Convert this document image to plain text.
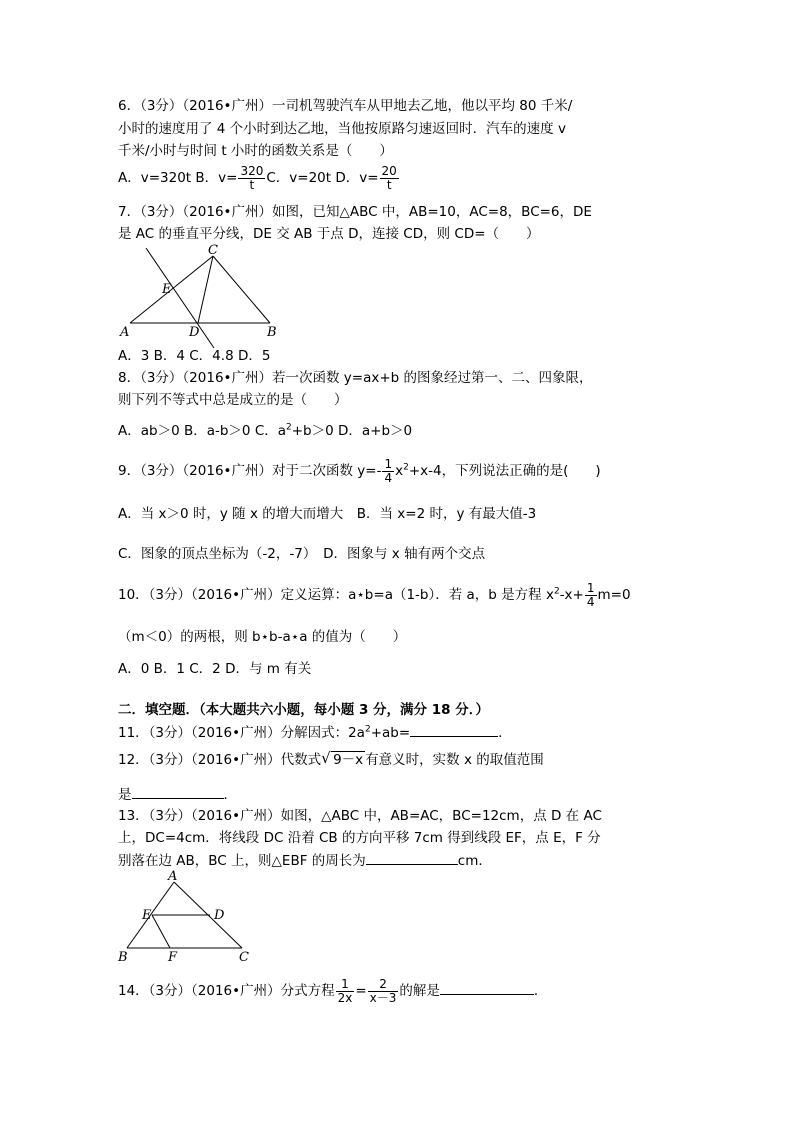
6．（3分）（2016•广州）一司机驾驶汽车从甲地去乙地，他以平均 80 千米/
小时的速度用了 4 个小时到达乙地，当他按原路匀速返回时．汽车的速度 v
千米/小时与时间 t 小时的函数关系是（　　）
A．v=320t B．$v= \frac{320}{t}$ C．v=20t D．$v= \frac{20}{t}$
7．（3分）（2016•广州）如图，已知△ABC 中，AB=10，AC=8，BC=6，DE
是 AC 的垂直平分线，DE 交 AB 于点 D，连接 CD，则 CD=（　　）
A	B
C
D
E
A．3 B．4 C．4.8 D．5
8．（3分）（2016•广州）若一次函数 y=ax+b 的图象经过第一、二、四象限，
则下列不等式中总是成立的是（　　）
A．ab＞0 B．a-b＞0 C．$a^2+b>0$ D．a+b＞0
9．（3分）（2016•广州）对于二次函数 $y=- \frac{1}{4} x^2+x-4$，下列说法正确的是(　　)
A．当 x＞0 时，y 随 x 的增大而增大　B．当 x=2 时，y 有最大值-3
C．图象的顶点坐标为（-2，-7）　D．图象与 x 轴有两个交点
10．（3分）（2016•广州）定义运算：a⋆b=a（1-b）．若 a，b 是方程 $x^2-x+ \frac{1}{4} m=0$
（m＜0）的两根，则 b⋆b-a⋆a 的值为（　　）
A．0 B．1 C．2 D．与 m 有关
二．填空题．（本大题共六小题，每小题 3 分，满分 18 分．）
11．（3分）（2016•广州）分解因式：$2a^2+ab=$	．
12．（3分）（2016•广州）代数式 √ 9－x 有意义时，实数 x 的取值范围
是	．
13．（3分）（2016•广州）如图，△ABC 中，AB=AC，BC=12cm，点 D 在 AC
上，DC=4cm．将线段 DC 沿着 CB 的方向平移 7cm 得到线段 EF，点 E，F 分
别落在边 AB，BC 上，则△EBF 的周长为	cm．
A
B	C
D
E
F
14．（3分）（2016•广州）分式方程 $\frac{1}{2x} = \frac{2}{x-3}$ 的解是	．
